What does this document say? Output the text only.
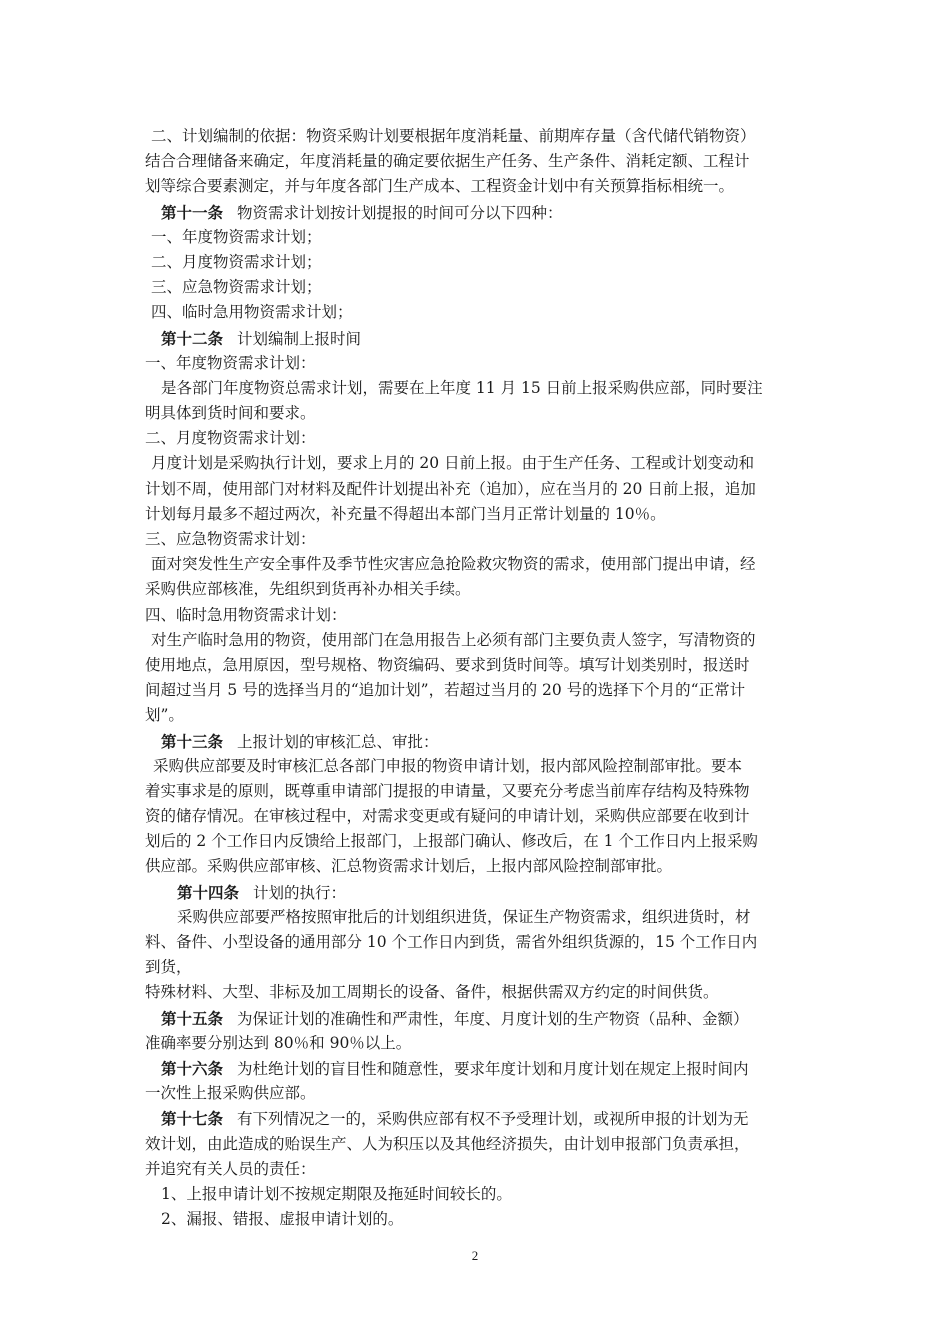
二、计划编制的依据：物资采购计划要根据年度消耗量、前期库存量（含代储代销物资）
结合合理储备来确定，年度消耗量的确定要依据生产任务、生产条件、消耗定额、工程计
划等综合要素测定，并与年度各部门生产成本、工程资金计划中有关预算指标相统一。
第十一条 物资需求计划按计划提报的时间可分以下四种：
一、年度物资需求计划；
二、月度物资需求计划；
三、应急物资需求计划；
四、临时急用物资需求计划；
第十二条 计划编制上报时间
一、年度物资需求计划：
是各部门年度物资总需求计划，需要在上年度 11 月 15 日前上报采购供应部，同时要注
明具体到货时间和要求。
二、月度物资需求计划：
月度计划是采购执行计划，要求上月的 20 日前上报。由于生产任务、工程或计划变动和
计划不周，使用部门对材料及配件计划提出补充（追加），应在当月的 20 日前上报，追加
计划每月最多不超过两次，补充量不得超出本部门当月正常计划量的 10％。
三、应急物资需求计划：
面对突发性生产安全事件及季节性灾害应急抢险救灾物资的需求，使用部门提出申请，经
采购供应部核准，先组织到货再补办相关手续。
四、临时急用物资需求计划：
对生产临时急用的物资，使用部门在急用报告上必须有部门主要负责人签字，写清物资的
使用地点，急用原因，型号规格、物资编码、要求到货时间等。填写计划类别时，报送时
间超过当月 5 号的选择当月的“追加计划”，若超过当月的 20 号的选择下个月的“正常计
划”。
第十三条 上报计划的审核汇总、审批：
采购供应部要及时审核汇总各部门申报的物资申请计划，报内部风险控制部审批。要本
着实事求是的原则，既尊重申请部门提报的申请量，又要充分考虑当前库存结构及特殊物
资的储存情况。在审核过程中，对需求变更或有疑问的申请计划，采购供应部要在收到计
划后的 2 个工作日内反馈给上报部门，上报部门确认、修改后，在 1 个工作日内上报采购
供应部。采购供应部审核、汇总物资需求计划后，上报内部风险控制部审批。
第十四条 计划的执行：
采购供应部要严格按照审批后的计划组织进货，保证生产物资需求，组织进货时，材
料、备件、小型设备的通用部分 10 个工作日内到货，需省外组织货源的，15 个工作日内
到货，
特殊材料、大型、非标及加工周期长的设备、备件，根据供需双方约定的时间供货。
第十五条 为保证计划的准确性和严肃性，年度、月度计划的生产物资（品种、金额）
准确率要分别达到 80％和 90％以上。
第十六条 为杜绝计划的盲目性和随意性，要求年度计划和月度计划在规定上报时间内
一次性上报采购供应部。
第十七条 有下列情况之一的，采购供应部有权不予受理计划，或视所申报的计划为无
效计划，由此造成的贻误生产、人为积压以及其他经济损失，由计划申报部门负责承担，
并追究有关人员的责任：
1、上报申请计划不按规定期限及拖延时间较长的。
2、漏报、错报、虚报申请计划的。
2
